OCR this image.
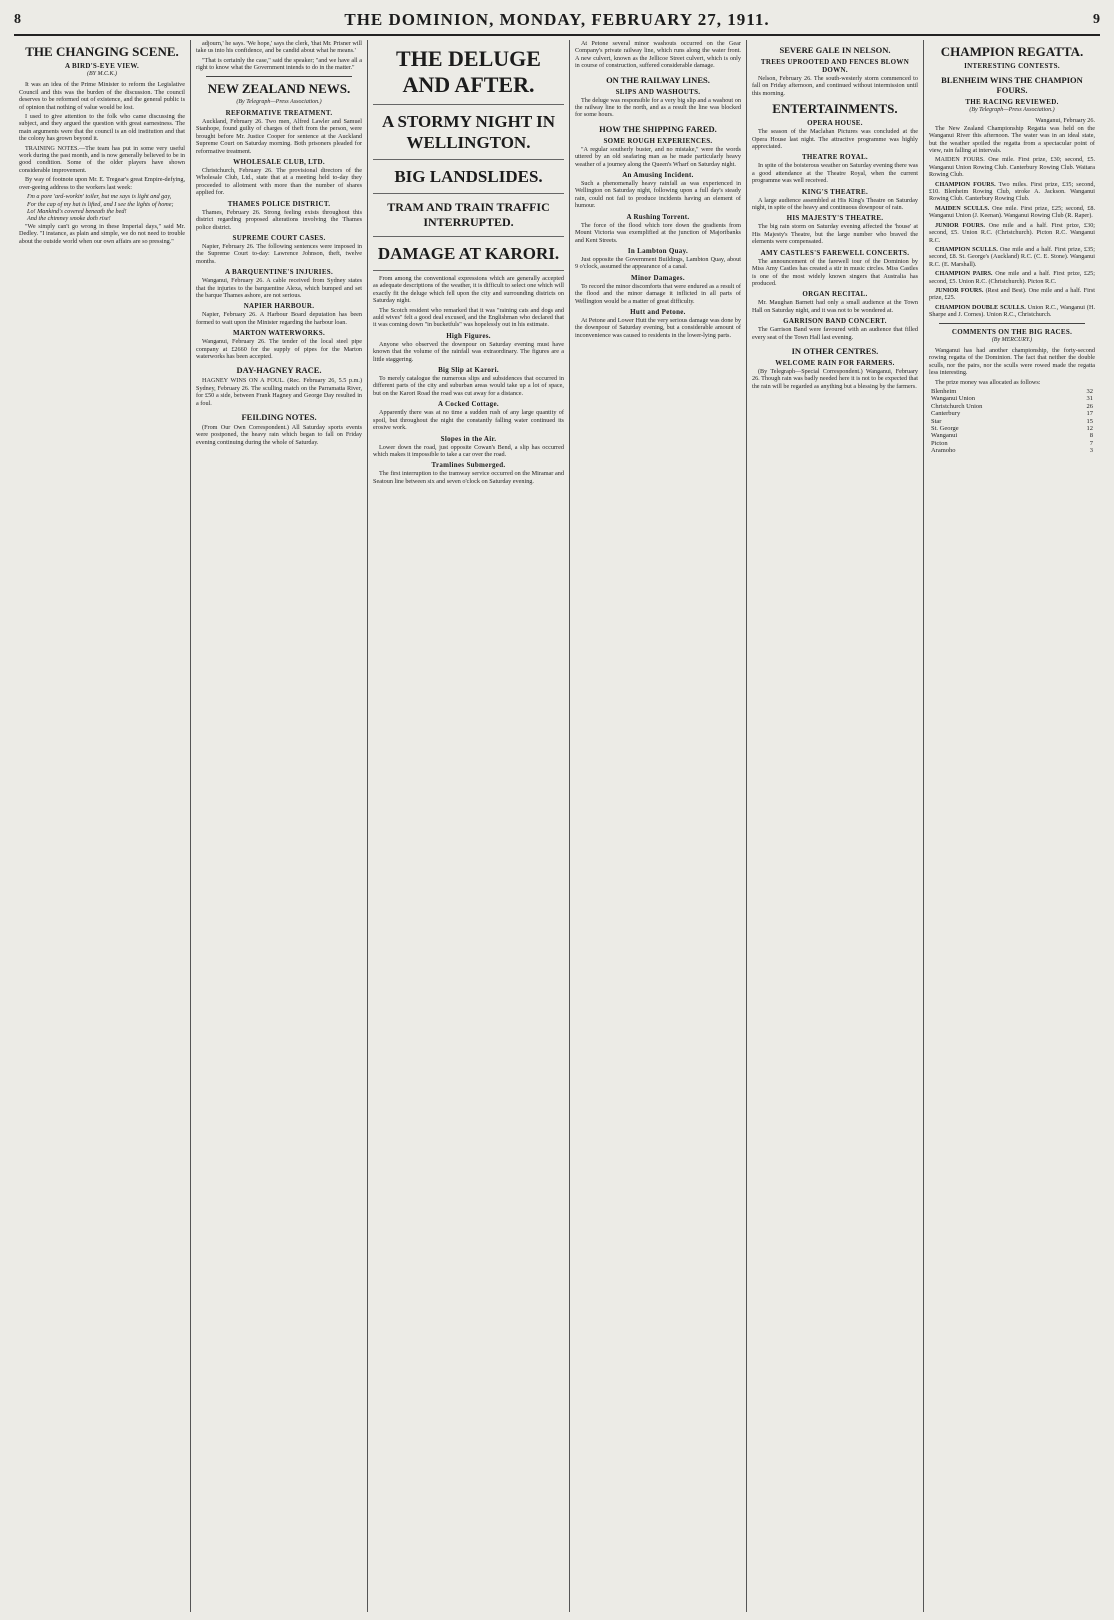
8	THE DOMINION, MONDAY, FEBRUARY 27, 1911.	9
THE CHANGING SCENE.
A BIRD'S-EYE VIEW.
(BY M.C.K.)

It was an idea of the Prime Minister to reform the Legislative Council and this was the burden of the discussion. The council deserves to be reformed out of existence, and the general public is of opinion that nothing of value would be lost.

I used to give attention to the folk who came discussing the subject, and they argued the question with great earnestness. The main arguments were that the council is an old institution and that the colony has grown beyond it.

TRAINING NOTES.—The team has put in some very useful work during the past month, and is now generally believed to be in good condition. Some of the older players have shown considerable improvement.

By way of footnote upon Mr. E. Tregear's great Empire-defying, over-geeing address to the workers last week:

I'm a pore 'ard-workin' toiler, but me says is light and gay,
For the cap of my hat is lifted, and I see the lights of home;
Lo! Mankind's covered beneath the bed!
And the chimney smoke doth rise!

"We simply can't go wrong in these Imperial days," said Mr. Dedley. "I instance, as plain and simple, we do not need to trouble about the outside world when our own affairs are so pressing."

adjourn,' he says. 'We hope,' says the clerk, 'that Mr. Prisner will take us into his confidence, and be candid about what he means.'

"That is certainly the case," said the speaker; "and we have all a right to know what the Government intends to do in the matter."

NEW ZEALAND NEWS.
(By Telegraph—Press Association.)
REFORMATIVE TREATMENT.

Auckland, February 26. Two men, Alfred Lawler and Samuel Stanhope, found guilty of charges of theft from the person, were brought before Mr. Justice Cooper for sentence at the Auckland Supreme Court on Saturday morning. Both prisoners pleaded for reformative treatment.

WHOLESALE CLUB, LTD.

Christchurch, February 26. The provisional directors of the Wholesale Club, Ltd., state that at a meeting held to-day they proceeded to allotment with more than the number of shares applied for.

THAMES POLICE DISTRICT.

Thames, February 26. Strong feeling exists throughout this district regarding proposed alterations involving the Thames police district.

SUPREME COURT CASES.

Napier, February 26. The following sentences were imposed in the Supreme Court to-day: Lawrence Johnson, theft, twelve months.

A BARQUENTINE'S INJURIES.

Wanganui, February 26. A cable received from Sydney states that the injuries to the barquentine Alexa, which bumped and set the barque Thames ashore, are not serious.

NAPIER HARBOUR.

Napier, February 26. A Harbour Board deputation has been formed to wait upon the Minister regarding the harbour loan.

MARTON WATERWORKS.

Wanganui, February 26. The tender of the local steel pipe company at £2660 for the supply of pipes for the Marton waterworks has been accepted.

DAY-HAGNEY RACE.

HAGNEY WINS ON A FOUL. (Rec. February 26, 5.5 p.m.) Sydney, February 26. The sculling match on the Parramatta River, for £50 a side, between Frank Hagney and George Day resulted in a foul.

FEILDING NOTES.

(From Our Own Correspondent.) All Saturday sports events were postponed, the heavy rain which began to fall on Friday evening continuing during the whole of Saturday.

THE DELUGE AND AFTER.
A STORMY NIGHT IN WELLINGTON.
BIG LANDSLIDES.
TRAM AND TRAIN TRAFFIC INTERRUPTED.
DAMAGE AT KARORI.

From among the conventional expressions which are generally accepted as adequate descriptions of the weather, it is difficult to select one which will exactly fit the deluge which fell upon the city and surrounding districts on Saturday night.

The Scotch resident who remarked that it was "raining cats and dogs and auld wives" felt a good deal excused, and the Englishman who declared that it was coming down "in bucketfuls" was hopelessly out in his estimate.

High Figures.

Anyone who observed the downpour on Saturday evening must have known that the volume of the rainfall was extraordinary. The figures are a little staggering.

Big Slip at Karori.

To merely catalogue the numerous slips and subsidences that occurred in different parts of the city and suburban areas would take up a lot of space, but on the Karori Road the road was cut away for a distance.

A Cocked Cottage.

Apparently there was at no time a sudden rush of any large quantity of spoil, but throughout the night the constantly falling water continued its erosive work.

Slopes in the Air.

Lower down the road, just opposite Cowan's Bend, a slip has occurred which makes it impossible to take a car over the road.

Tramlines Submerged.

The first interruption to the tramway service occurred on the Miramar and Seatoun line between six and seven o'clock on Saturday evening.

At Petone several minor washouts occurred on the Gear Company's private railway line, which runs along the water front. A new culvert, known as the Jellicoe Street culvert, which is only in course of construction, suffered considerable damage.

ON THE RAILWAY LINES.
SLIPS AND WASHOUTS.

The deluge was responsible for a very big slip and a washout on the railway line to the north, and as a result the line was blocked for some hours.

HOW THE SHIPPING FARED.
SOME ROUGH EXPERIENCES.

"A regular southerly buster, and no mistake," were the words uttered by an old seafaring man as he made particularly heavy weather of a journey along the Queen's Wharf on Saturday night.

An Amusing Incident.

Such a phenomenally heavy rainfall as was experienced in Wellington on Saturday night, following upon a full day's steady rain, could not fail to produce incidents having an element of humour.

A Rushing Torrent.

The force of the flood which tore down the gradients from Mount Victoria was exemplified at the junction of Majoribanks and Kent Streets.

In Lambton Quay.

Just opposite the Government Buildings, Lambton Quay, about 9 o'clock, assumed the appearance of a canal.

Minor Damages.

To record the minor discomforts that were endured as a result of the flood and the minor damage it inflicted in all parts of Wellington would be a matter of great difficulty.

Hutt and Petone.

At Petone and Lower Hutt the very serious damage was done by the downpour of Saturday evening, but a considerable amount of inconvenience was caused to residents in the lower-lying parts.

SEVERE GALE IN NELSON.
TREES UPROOTED AND FENCES BLOWN DOWN.

Nelson, February 26. The south-westerly storm commenced to fall on Friday afternoon, and continued without intermission until this morning.

ENTERTAINMENTS.
OPERA HOUSE.

The season of the Maclahan Pictures was concluded at the Opera House last night. The attractive programme was highly appreciated.

THEATRE ROYAL.

In spite of the boisterous weather on Saturday evening there was a good attendance at the Theatre Royal, when the current programme was well received.

KING'S THEATRE.

A large audience assembled at His King's Theatre on Saturday night, in spite of the heavy and continuous downpour of rain.

HIS MAJESTY'S THEATRE.

The big rain storm on Saturday evening affected the 'house' at His Majesty's Theatre, but the large number who braved the elements were compensated.

AMY CASTLES'S FAREWELL CONCERTS.

The announcement of the farewell tour of the Dominion by Miss Amy Castles has created a stir in music circles. Miss Castles is one of the most widely known singers that Australia has produced.

ORGAN RECITAL.

Mr. Maughan Barnett had only a small audience at the Town Hall on Saturday night, and it was not to be wondered at.

GARRISON BAND CONCERT.

The Garrison Band were favoured with an audience that filled every seat of the Town Hall last evening.

IN OTHER CENTRES.
WELCOME RAIN FOR FARMERS.

(By Telegraph—Special Correspondent.) Wanganui, February 26. Though rain was badly needed here it is not to be expected that the rain will be regarded as anything but a blessing by the farmers.

CHAMPION REGATTA.
INTERESTING CONTESTS.
BLENHEIM WINS THE CHAMPION FOURS.
THE RACING REVIEWED.
(By Telegraph—Press Association.)
Wanganui, February 26.

The New Zealand Championship Regatta was held on the Wanganui River this afternoon. The water was in an ideal state, but the weather spoiled the regatta from a spectacular point of view, rain falling at intervals.

MAIDEN FOURS. One mile. First prize, £30; second, £5. Wanganui Union Rowing Club. Canterbury Rowing Club. Waitara Rowing Club.

CHAMPION FOURS. Two miles. First prize, £35; second, £10. Blenheim Rowing Club, stroke A. Jackson. Wanganui Rowing Club. Canterbury Rowing Club.

MAIDEN SCULLS. One mile. First prize, £25; second, £8. Wanganui Union (J. Keenan). Wanganui Rowing Club (R. Raper).

JUNIOR FOURS. One mile and a half. First prize, £30; second, £5. Union R.C. (Christchurch). Picton R.C. Wanganui R.C.

CHAMPION SCULLS. One mile and a half. First prize, £35; second, £8. St. George's (Auckland) R.C. (C. E. Stone). Wanganui R.C. (E. Marshall).

CHAMPION PAIRS. One mile and a half. First prize, £25; second, £5. Union R.C. (Christchurch). Picton R.C.

JUNIOR FOURS. (Rest and Best). One mile and a half. First prize, £25.

CHAMPION DOUBLE SCULLS. Union R.C., Wanganui (H. Sharpe and J. Cornes). Union R.C., Christchurch.

COMMENTS ON THE BIG RACES.
(By MERCURY.)

Wanganui has had another championship, the forty-second rowing regatta of the Dominion. The fact that neither the double sculls, nor the pairs, nor the sculls were rowed made the regatta less interesting.

The prize money was allocated as follows:

Blenheim	32
Wanganui Union	31
Christchurch Union	26
Canterbury	17
Star	15
St. George	12
Wanganui	8
Picton	7
Aramoho	3
